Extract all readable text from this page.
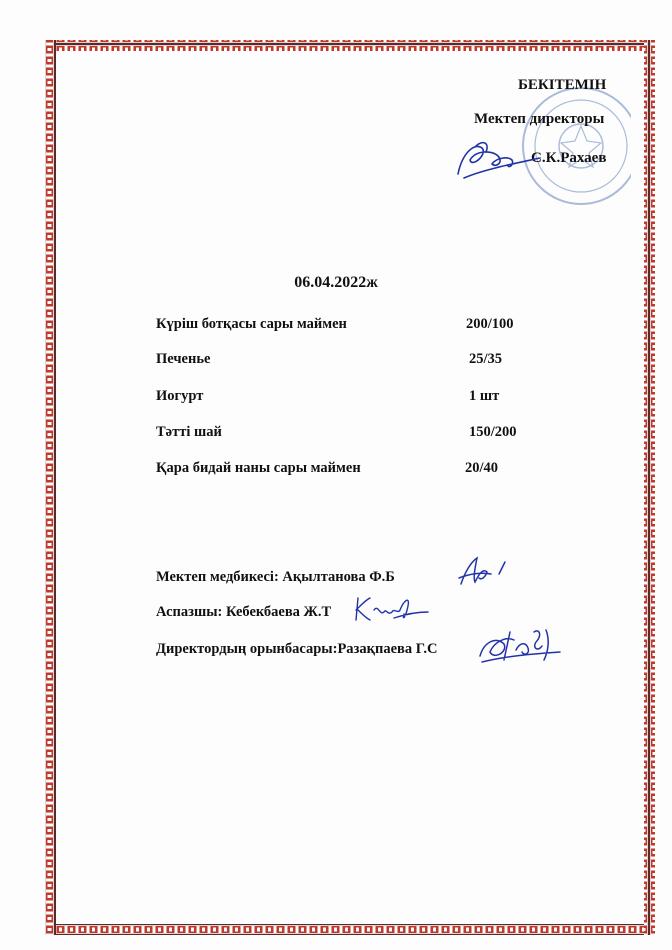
БЕКІТЕМІН
Мектеп директоры
С.К.Рахаев
06.04.2022ж
Күріш ботқасы сары маймен	200/100
Печенье	25/35
Иогурт	1 шт
Тәтті шай	150/200
Қара бидай наны сары маймен	20/40
Мектеп медбикесі: Ақылтанова Ф.Б
Аспазшы: Кебекбаева Ж.Т
Директордың орынбасары:Разақпаева Г.С
